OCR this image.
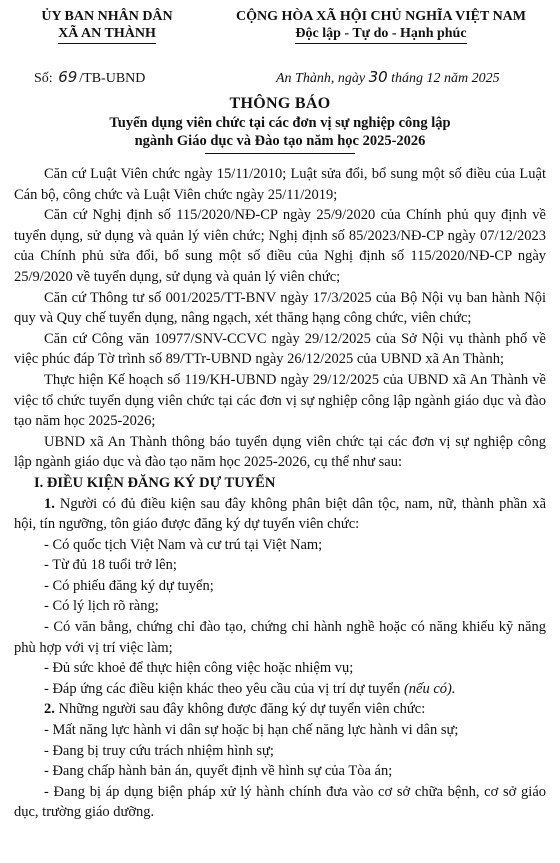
ỦY BAN NHÂN DÂN
XÃ AN THÀNH
CỘNG HÒA XÃ HỘI CHỦ NGHĨA VIỆT NAM
Độc lập - Tự do - Hạnh phúc
Số: 69 /TB-UBND	An Thành, ngày 30 tháng 12 năm 2025
THÔNG BÁO
Tuyển dụng viên chức tại các đơn vị sự nghiệp công lập
ngành Giáo dục và Đào tạo năm học 2025-2026

Căn cứ Luật Viên chức ngày 15/11/2010; Luật sửa đổi, bổ sung một số điều của Luật Cán bộ, công chức và Luật Viên chức ngày 25/11/2019;

Căn cứ Nghị định số 115/2020/NĐ-CP ngày 25/9/2020 của Chính phủ quy định về tuyển dụng, sử dụng và quản lý viên chức; Nghị định số 85/2023/NĐ-CP ngày 07/12/2023 của Chính phủ sửa đổi, bổ sung một số điều của Nghị định số 115/2020/NĐ-CP ngày 25/9/2020 về tuyển dụng, sử dụng và quản lý viên chức;

Căn cứ Thông tư số 001/2025/TT-BNV ngày 17/3/2025 của Bộ Nội vụ ban hành Nội quy và Quy chế tuyển dụng, nâng ngạch, xét thăng hạng công chức, viên chức;

Căn cứ Công văn 10977/SNV-CCVC ngày 29/12/2025 của Sở Nội vụ thành phố về việc phúc đáp Tờ trình số 89/TTr-UBND ngày 26/12/2025 của UBND xã An Thành;

Thực hiện Kế hoạch số 119/KH-UBND ngày 29/12/2025 của UBND xã An Thành về việc tổ chức tuyển dụng viên chức tại các đơn vị sự nghiệp công lập ngành giáo dục và đào tạo năm học 2025-2026;

UBND xã An Thành thông báo tuyển dụng viên chức tại các đơn vị sự nghiệp công lập ngành giáo dục và đào tạo năm học 2025-2026, cụ thể như sau:

I. ĐIỀU KIỆN ĐĂNG KÝ DỰ TUYỂN

1. Người có đủ điều kiện sau đây không phân biệt dân tộc, nam, nữ, thành phần xã hội, tín ngưỡng, tôn giáo được đăng ký dự tuyển viên chức:

- Có quốc tịch Việt Nam và cư trú tại Việt Nam;

- Từ đủ 18 tuổi trở lên;

- Có phiếu đăng ký dự tuyển;

- Có lý lịch rõ ràng;

- Có văn bằng, chứng chỉ đào tạo, chứng chỉ hành nghề hoặc có năng khiếu kỹ năng phù hợp với vị trí việc làm;

- Đủ sức khoẻ để thực hiện công việc hoặc nhiệm vụ;

- Đáp ứng các điều kiện khác theo yêu cầu của vị trí dự tuyển (nếu có).

2. Những người sau đây không được đăng ký dự tuyển viên chức:

- Mất năng lực hành vi dân sự hoặc bị hạn chế năng lực hành vi dân sự;

- Đang bị truy cứu trách nhiệm hình sự;

- Đang chấp hành bản án, quyết định về hình sự của Tòa án;

- Đang bị áp dụng biện pháp xử lý hành chính đưa vào cơ sở chữa bệnh, cơ sở giáo dục, trường giáo dưỡng.
